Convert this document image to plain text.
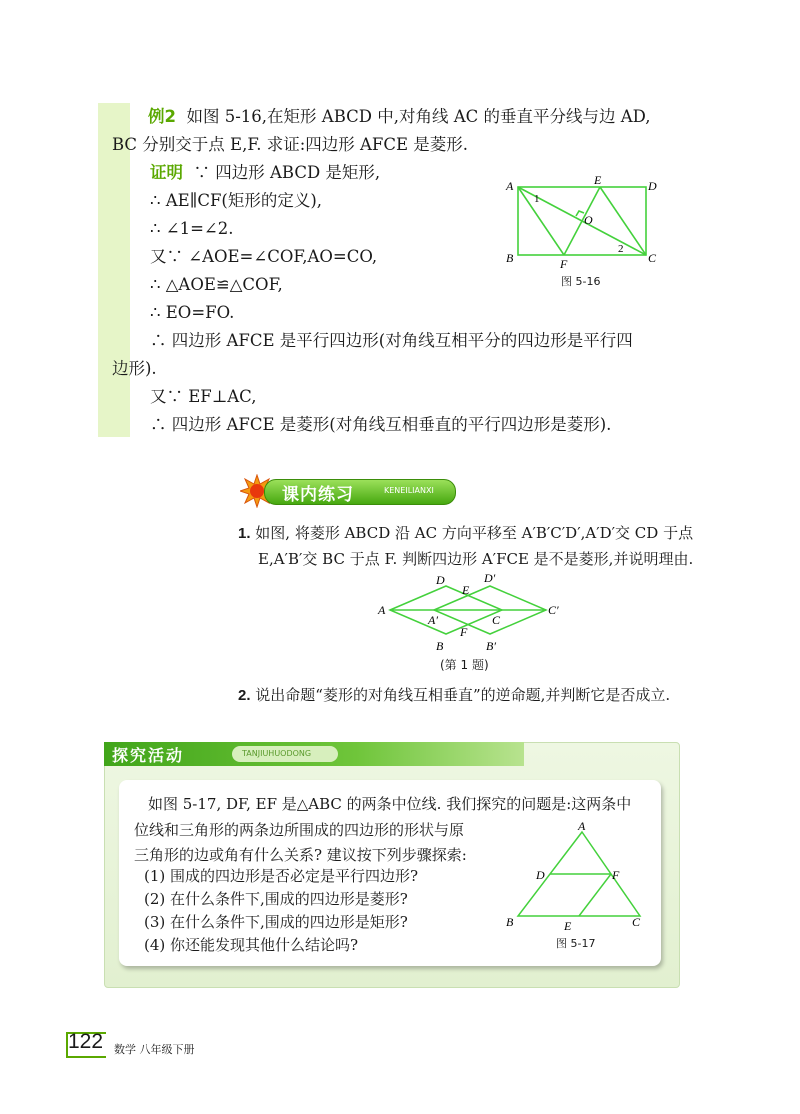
例2 如图 5-16,在矩形 ABCD 中,对角线 AC 的垂直平分线与边 AD,
BC 分别交于点 E,F. 求证:四边形 AFCE 是菱形.
证明 ∵ 四边形 ABCD 是矩形,
∴ AE∥CF(矩形的定义),
∴ ∠1=∠2.
又∵ ∠AOE=∠COF,AO=CO,
∴ △AOE≌△COF,
∴ EO=FO.
∴ 四边形 AFCE 是平行四边形(对角线互相平分的四边形是平行四
边形).
又∵ EF⊥AC,
∴ 四边形 AFCE 是菱形(对角线互相垂直的平行四边形是菱形).
A	E	D
B	F	C
O
1
2
图 5-16
课内练习	KENEILIANXI
1. 如图, 将菱形 ABCD 沿 AC 方向平移至 A′B′C′D′,A′D′交 CD 于点
E,A′B′交 BC 于点 F. 判断四边形 A′FCE 是不是菱形,并说明理由.
A
D	D′
E
A′	C
C′
F
B	B′
(第 1 题)
2. 说出命题“菱形的对角线互相垂直”的逆命题,并判断它是否成立.
探究活动	TANJIUHUODONG
如图 5-17, DF, EF 是△ABC 的两条中位线. 我们探究的问题是:这两条中
位线和三角形的两条边所围成的四边形的形状与原
三角形的边或角有什么关系? 建议按下列步骤探索:
(1) 围成的四边形是否必定是平行四边形?
(2) 在什么条件下,围成的四边形是菱形?
(3) 在什么条件下,围成的四边形是矩形?
(4) 你还能发现其他什么结论吗?
A
D	F
B	E	C
图 5-17
122 数学 八年级下册
